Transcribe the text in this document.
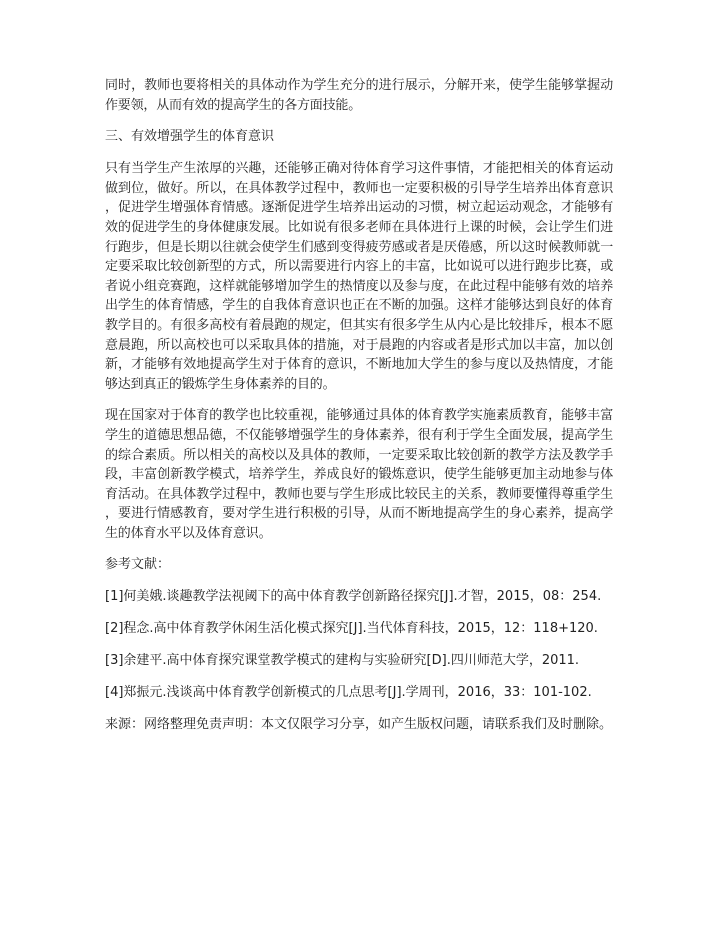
同时，教师也要将相关的具体动作为学生充分的进行展示，分解开来，使学生能够掌握动
作要领，从而有效的提高学生的各方面技能。
三、有效增强学生的体育意识
只有当学生产生浓厚的兴趣，还能够正确对待体育学习这件事情，才能把相关的体育运动
做到位，做好。所以，在具体教学过程中，教师也一定要积极的引导学生培养出体育意识
，促进学生增强体育情感。逐渐促进学生培养出运动的习惯，树立起运动观念，才能够有
效的促进学生的身体健康发展。比如说有很多老师在具体进行上课的时候，会让学生们进
行跑步，但是长期以往就会使学生们感到变得疲劳感或者是厌倦感，所以这时候教师就一
定要采取比较创新型的方式，所以需要进行内容上的丰富，比如说可以进行跑步比赛，或
者说小组竞赛跑，这样就能够增加学生的热情度以及参与度，在此过程中能够有效的培养
出学生的体育情感，学生的自我体育意识也正在不断的加强。这样才能够达到良好的体育
教学目的。有很多高校有着晨跑的规定，但其实有很多学生从内心是比较排斥，根本不愿
意晨跑，所以高校也可以采取具体的措施，对于晨跑的内容或者是形式加以丰富，加以创
新，才能够有效地提高学生对于体育的意识，不断地加大学生的参与度以及热情度，才能
够达到真正的锻炼学生身体素养的目的。
现在国家对于体育的教学也比较重视，能够通过具体的体育教学实施素质教育，能够丰富
学生的道德思想品德，不仅能够增强学生的身体素养，很有利于学生全面发展，提高学生
的综合素质。所以相关的高校以及具体的教师，一定要采取比较创新的教学方法及教学手
段，丰富创新教学模式，培养学生，养成良好的锻炼意识，使学生能够更加主动地参与体
育活动。在具体教学过程中，教师也要与学生形成比较民主的关系，教师要懂得尊重学生
，要进行情感教育，要对学生进行积极的引导，从而不断地提高学生的身心素养，提高学
生的体育水平以及体育意识。
参考文献：
[1]何美娥.谈趣教学法视阈下的高中体育教学创新路径探究[J].才智，2015，08：254.
[2]程念.高中体育教学休闲生活化模式探究[J].当代体育科技，2015，12：118+120.
[3]余建平.高中体育探究课堂教学模式的建构与实验研究[D].四川师范大学，2011.
[4]郑振元.浅谈高中体育教学创新模式的几点思考[J].学周刊，2016，33：101-102.
来源：网络整理免责声明：本文仅限学习分享，如产生版权问题，请联系我们及时删除。
